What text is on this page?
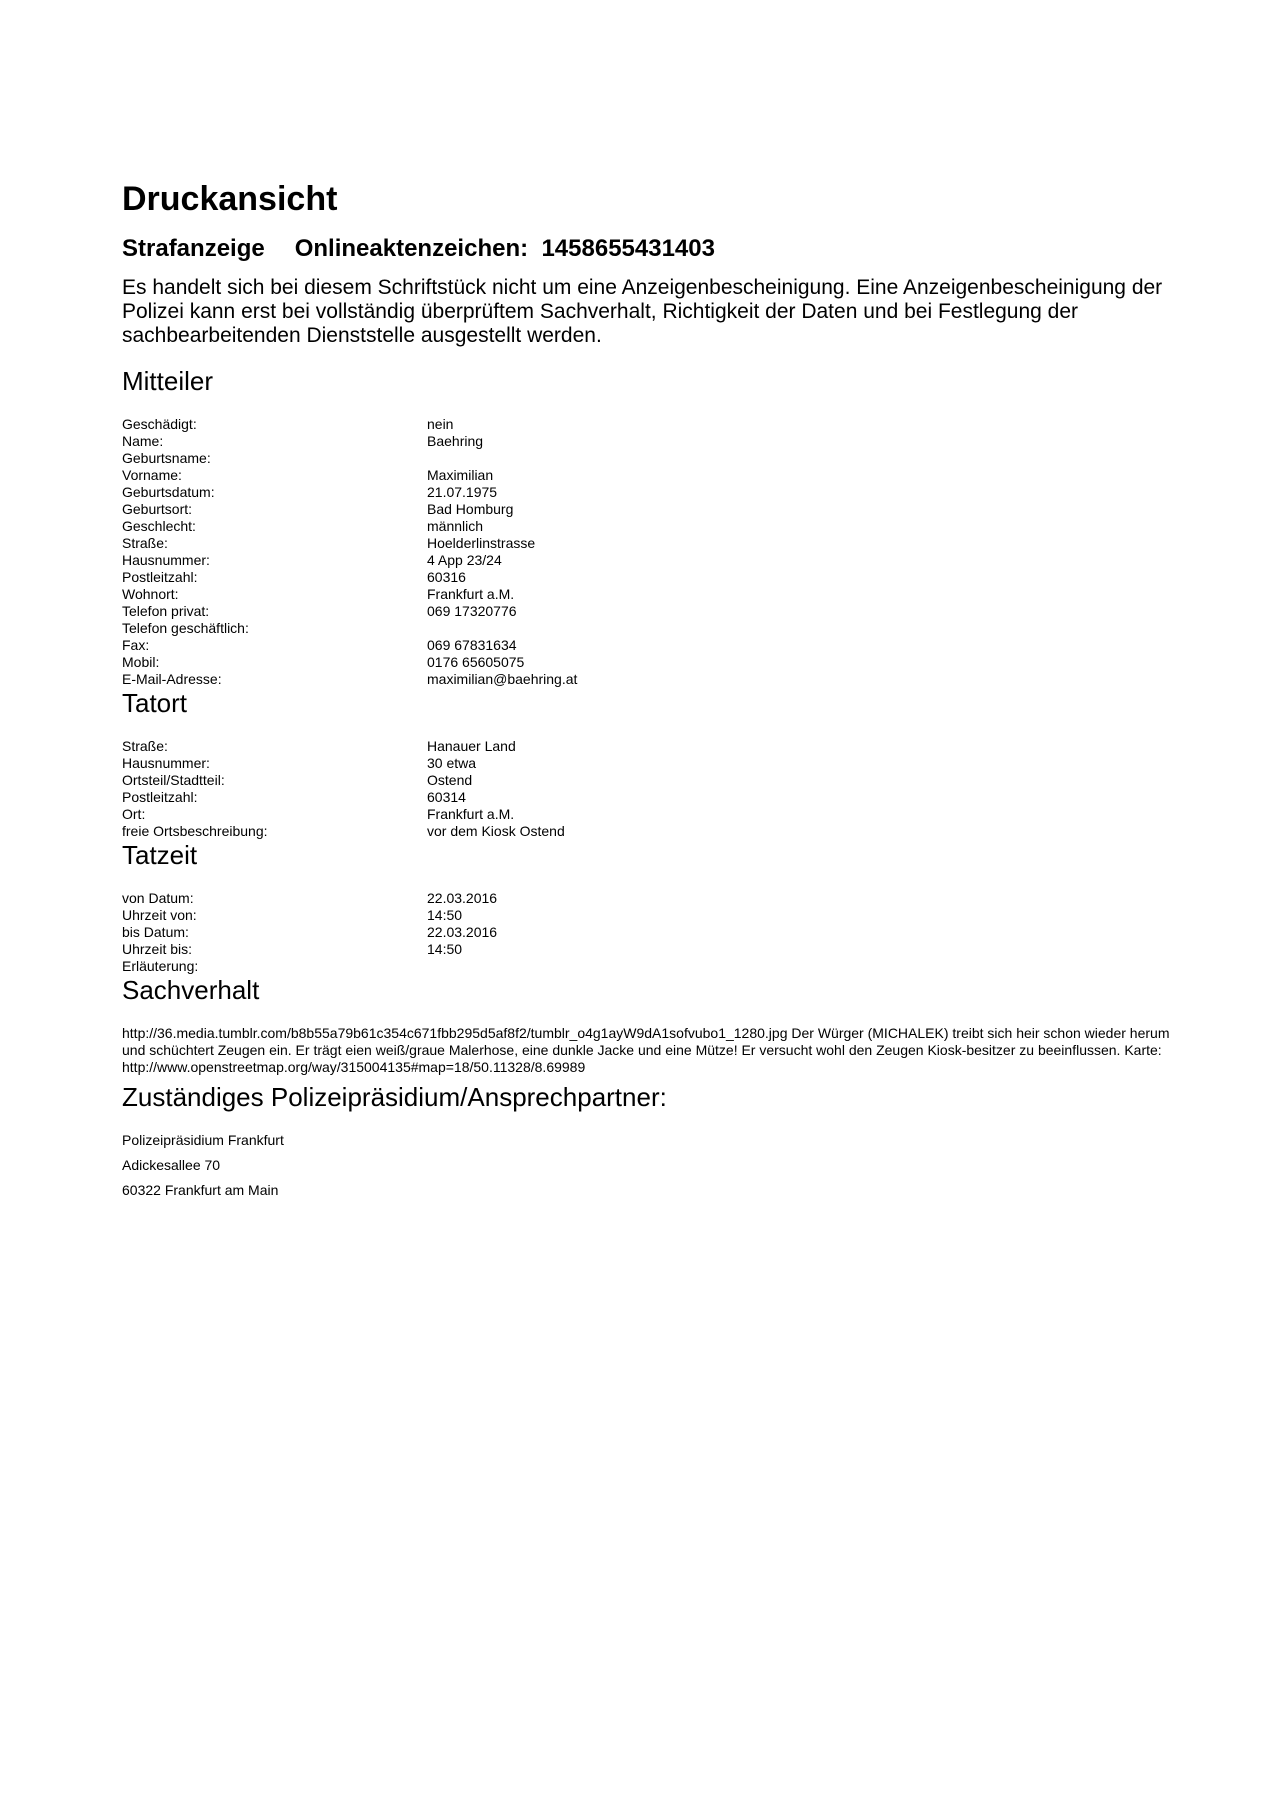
Druckansicht
Strafanzeige Onlineaktenzeichen: 1458655431403

Es handelt sich bei diesem Schriftstück nicht um eine Anzeigenbescheinigung. Eine Anzeigenbescheinigung der Polizei kann erst bei vollständig überprüftem Sachverhalt, Richtigkeit der Daten und bei Festlegung der sachbearbeitenden Dienststelle ausgestellt werden.

Mitteiler
Geschädigt:	nein
Name:	Baehring
Geburtsname:
Vorname:	Maximilian
Geburtsdatum:	21.07.1975
Geburtsort:	Bad Homburg
Geschlecht:	männlich
Straße:	Hoelderlinstrasse
Hausnummer:	4 App 23/24
Postleitzahl:	60316
Wohnort:	Frankfurt a.M.
Telefon privat:	069 17320776
Telefon geschäftlich:
Fax:	069 67831634
Mobil:	0176 65605075
E-Mail-Adresse:	maximilian@baehring.at
Tatort
Straße:	Hanauer Land
Hausnummer:	30 etwa
Ortsteil/Stadtteil:	Ostend
Postleitzahl:	60314
Ort:	Frankfurt a.M.
freie Ortsbeschreibung:	vor dem Kiosk Ostend
Tatzeit
von Datum:	22.03.2016
Uhrzeit von:	14:50
bis Datum:	22.03.2016
Uhrzeit bis:	14:50
Erläuterung:
Sachverhalt

http://36.media.tumblr.com/b8b55a79b61c354c671fbb295d5af8f2/tumblr_o4g1ayW9dA1sofvubo1_1280.jpg Der Würger (MICHALEK) treibt sich heir schon wieder herum und schüchtert Zeugen ein. Er trägt eien weiß/graue Malerhose, eine dunkle Jacke und eine Mütze! Er versucht wohl den Zeugen Kiosk-besitzer zu beeinflussen. Karte: http://www.openstreetmap.org/way/315004135#map=18/50.11328/8.69989

Zuständiges Polizeipräsidium/Ansprechpartner:

Polizeipräsidium Frankfurt

Adickesallee 70

60322 Frankfurt am Main
